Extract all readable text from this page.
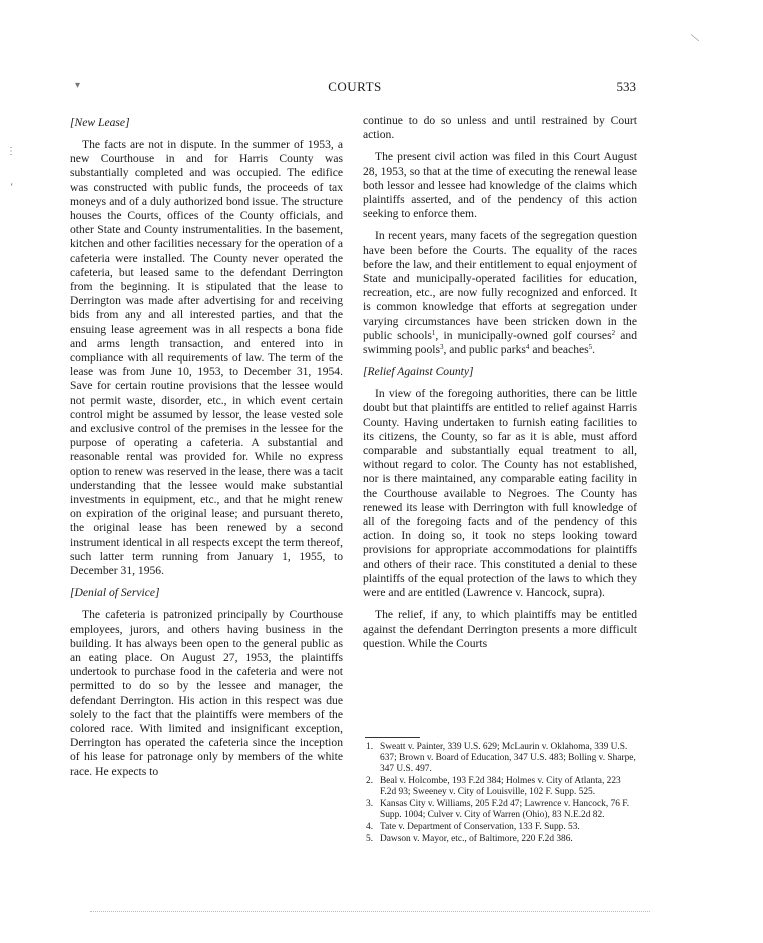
COURTS	533
▾
—
⋮
‘
[New Lease]

The facts are not in dispute. In the summer of 1953, a new Courthouse in and for Harris County was substantially completed and was occupied. The edifice was constructed with public funds, the proceeds of tax moneys and of a duly authorized bond issue. The structure houses the Courts, offices of the County officials, and other State and County instrumentalities. In the basement, kitchen and other facilities necessary for the operation of a cafeteria were installed. The County never operated the cafeteria, but leased same to the defendant Derrington from the beginning. It is stipulated that the lease to Derrington was made after advertising for and receiving bids from any and all interested parties, and that the ensuing lease agreement was in all respects a bona fide and arms length transaction, and entered into in compliance with all requirements of law. The term of the lease was from June 10, 1953, to December 31, 1954. Save for certain routine provisions that the lessee would not permit waste, disorder, etc., in which event certain control might be assumed by lessor, the lease vested sole and exclusive control of the premises in the lessee for the purpose of operating a cafeteria. A substantial and reasonable rental was provided for. While no express option to renew was reserved in the lease, there was a tacit understanding that the lessee would make substantial investments in equipment, etc., and that he might renew on expiration of the original lease; and pursuant thereto, the original lease has been renewed by a second instrument identical in all respects except the term thereof, such latter term running from January 1, 1955, to December 31, 1956.

[Denial of Service]

The cafeteria is patronized principally by Courthouse employees, jurors, and others having business in the building. It has always been open to the general public as an eating place. On August 27, 1953, the plaintiffs undertook to purchase food in the cafeteria and were not permitted to do so by the lessee and manager, the defendant Derrington. His action in this respect was due solely to the fact that the plaintiffs were members of the colored race. With limited and insignificant exception, Derrington has operated the cafeteria since the inception of his lease for patronage only by members of the white race. He expects to

continue to do so unless and until restrained by Court action.

The present civil action was filed in this Court August 28, 1953, so that at the time of executing the renewal lease both lessor and lessee had knowledge of the claims which plaintiffs asserted, and of the pendency of this action seeking to enforce them.

In recent years, many facets of the segregation question have been before the Courts. The equality of the races before the law, and their entitlement to equal enjoyment of State and municipally-operated facilities for education, recreation, etc., are now fully recognized and enforced. It is common knowledge that efforts at segregation under varying circumstances have been stricken down in the public schools$^1$, in municipally-owned golf courses$^2$ and swimming pools$^3$, and public parks$^4$ and beaches$^5$.

[Relief Against County]

In view of the foregoing authorities, there can be little doubt but that plaintiffs are entitled to relief against Harris County. Having undertaken to furnish eating facilities to its citizens, the County, so far as it is able, must afford comparable and substantially equal treatment to all, without regard to color. The County has not established, nor is there maintained, any comparable eating facility in the Courthouse available to Negroes. The County has renewed its lease with Derrington with full knowledge of all of the foregoing facts and of the pendency of this action. In doing so, it took no steps looking toward provisions for appropriate accommodations for plaintiffs and others of their race. This constituted a denial to these plaintiffs of the equal protection of the laws to which they were and are entitled (Lawrence v. Hancock, supra).

The relief, if any, to which plaintiffs may be entitled against the defendant Derrington presents a more difficult question. While the Courts

1. Sweatt v. Painter, 339 U.S. 629; McLaurin v. Oklahoma, 339 U.S. 637; Brown v. Board of Education, 347 U.S. 483; Bolling v. Sharpe, 347 U.S. 497.
2. Beal v. Holcombe, 193 F.2d 384; Holmes v. City of Atlanta, 223 F.2d 93; Sweeney v. City of Louisville, 102 F. Supp. 525.
3. Kansas City v. Williams, 205 F.2d 47; Lawrence v. Hancock, 76 F. Supp. 1004; Culver v. City of Warren (Ohio), 83 N.E.2d 82.
4. Tate v. Department of Conservation, 133 F. Supp. 53.
5. Dawson v. Mayor, etc., of Baltimore, 220 F.2d 386.
